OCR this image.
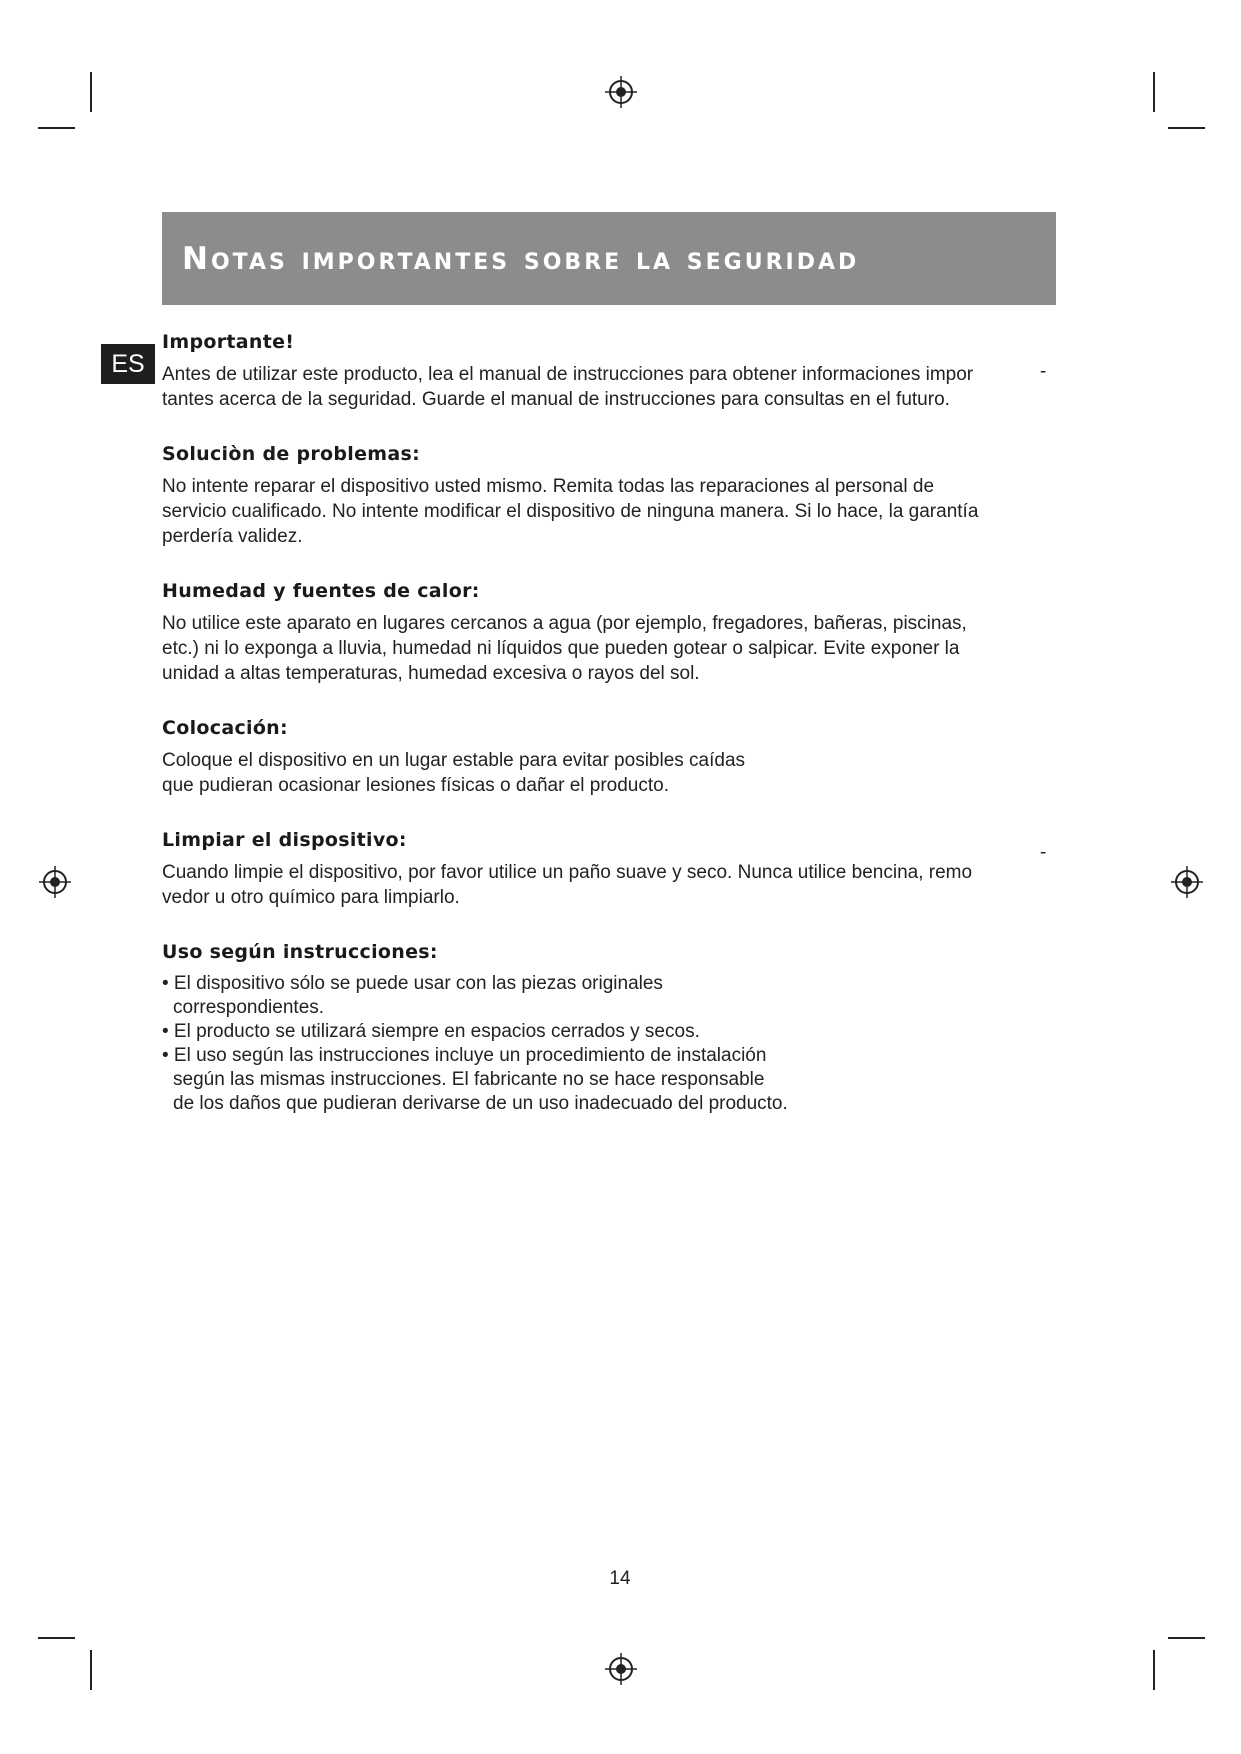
Notas importantes sobre la seguridad
ES	-
-
Importante!
Antes de utilizar este producto, lea el manual de instrucciones para obtener informaciones impor
tantes acerca de la seguridad. Guarde el manual de instrucciones para consultas en el futuro.
Soluciòn de problemas:
No intente reparar el dispositivo usted mismo. Remita todas las reparaciones al personal de
servicio cualificado. No intente modificar el dispositivo de ninguna manera. Si lo hace, la garantía
perdería validez.
Humedad y fuentes de calor:
No utilice este aparato en lugares cercanos a agua (por ejemplo, fregadores, bañeras, piscinas,
etc.) ni lo exponga a lluvia, humedad ni líquidos que pueden gotear o salpicar. Evite exponer la
unidad a altas temperaturas, humedad excesiva o rayos del sol.
Colocación:
Coloque el dispositivo en un lugar estable para evitar posibles caídas
que pudieran ocasionar lesiones físicas o dañar el producto.
Limpiar el dispositivo:
Cuando limpie el dispositivo, por favor utilice un paño suave y seco. Nunca utilice bencina, remo
vedor u otro químico para limpiarlo.
Uso según instrucciones:
• El dispositivo sólo se puede usar con las piezas originales
correspondientes.
• El producto se utilizará siempre en espacios cerrados y secos.
• El uso según las instrucciones incluye un procedimiento de instalación
según las mismas instrucciones. El fabricante no se hace responsable
de los daños que pudieran derivarse de un uso inadecuado del producto.
14
